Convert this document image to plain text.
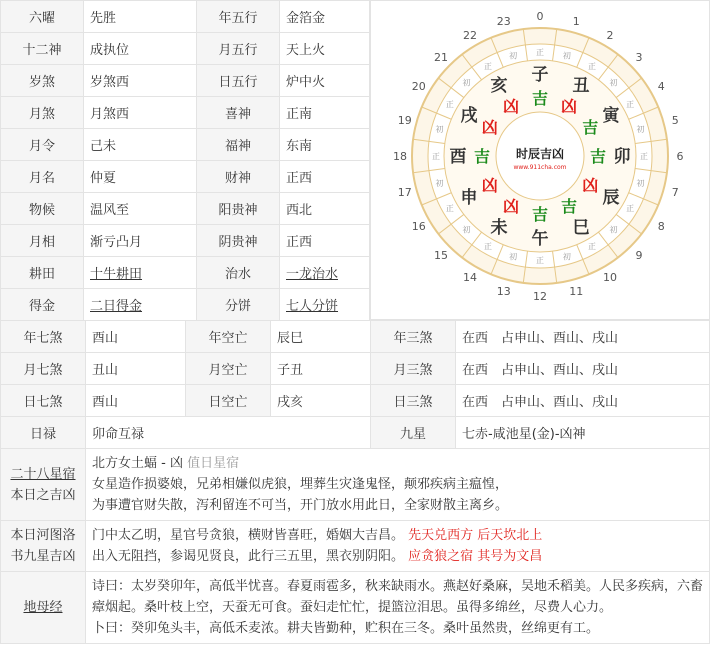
六曜	先胜	年五行	金箔金
十二神	成执位	月五行	天上火
岁煞	岁煞西	日五行	炉中火
月煞	月煞西	喜神	正南
月令	己未	福神	东南
月名	仲夏	财神	正西
物候	温风至	阳贵神	西北
月相	渐亏凸月	阴贵神	正西
耕田	十牛耕田	治水	一龙治水
得金	二日得金	分饼	七人分饼
0
正
1
初
2
正
3
初	4
正
5
初
6
正
7
初
8
正
9
初
10
正
11
初
12
正
13
初
14
正
15
初
16
正
17
初
18	正
19
初
20
正
21
初
22
正
23
初
子
吉
丑
凶 寅
吉
卯
吉
辰
凶
巳
吉
午
吉
未
凶
申
凶
酉 吉
戌
凶
亥
凶
时辰吉凶
www.911cha.com
年七煞	酉山	年空亡	辰巳	年三煞	在西　占申山、酉山、戌山
月七煞	丑山	月空亡	子丑	月三煞	在西　占申山、酉山、戌山
日七煞	酉山	日空亡	戌亥	日三煞	在西　占申山、酉山、戌山
日禄	卯命互禄			九星	七赤-咸池星(金)-凶神
二十八星宿
本日之吉凶	北方女土蝠 - 凶 值日星宿
女星造作损婆娘，兄弟相嫌似虎狼，埋葬生灾逢鬼怪，颠邪疾病主瘟惶，
为事遭官财失散，泻利留连不可当，开门放水用此日，全家财散主离乡。				
本日河图洛
书九星吉凶	门中太乙明，星官号贪狼，横财皆喜旺，婚姻大吉昌。 先天兑西方 后天坎北上
出入无阻挡，参谒见贤良，此行三五里，黑衣别阴阳。 应贪狼之宿 其号为文昌				
地母经	诗曰：太岁癸卯年，高低半忧喜。春夏雨雹多，秋来缺雨水。燕赵好桑麻，吴地禾稻美。人民多疾病，六畜瘴烟起。桑叶枝上空，天蚕无可食。蚕妇走忙忙，提篮泣泪思。虽得多绵丝，尽费人心力。
卜曰：癸卯兔头丰，高低禾麦浓。耕夫皆勤种，贮积在三冬。桑叶虽然贵，丝绵更有工。				
